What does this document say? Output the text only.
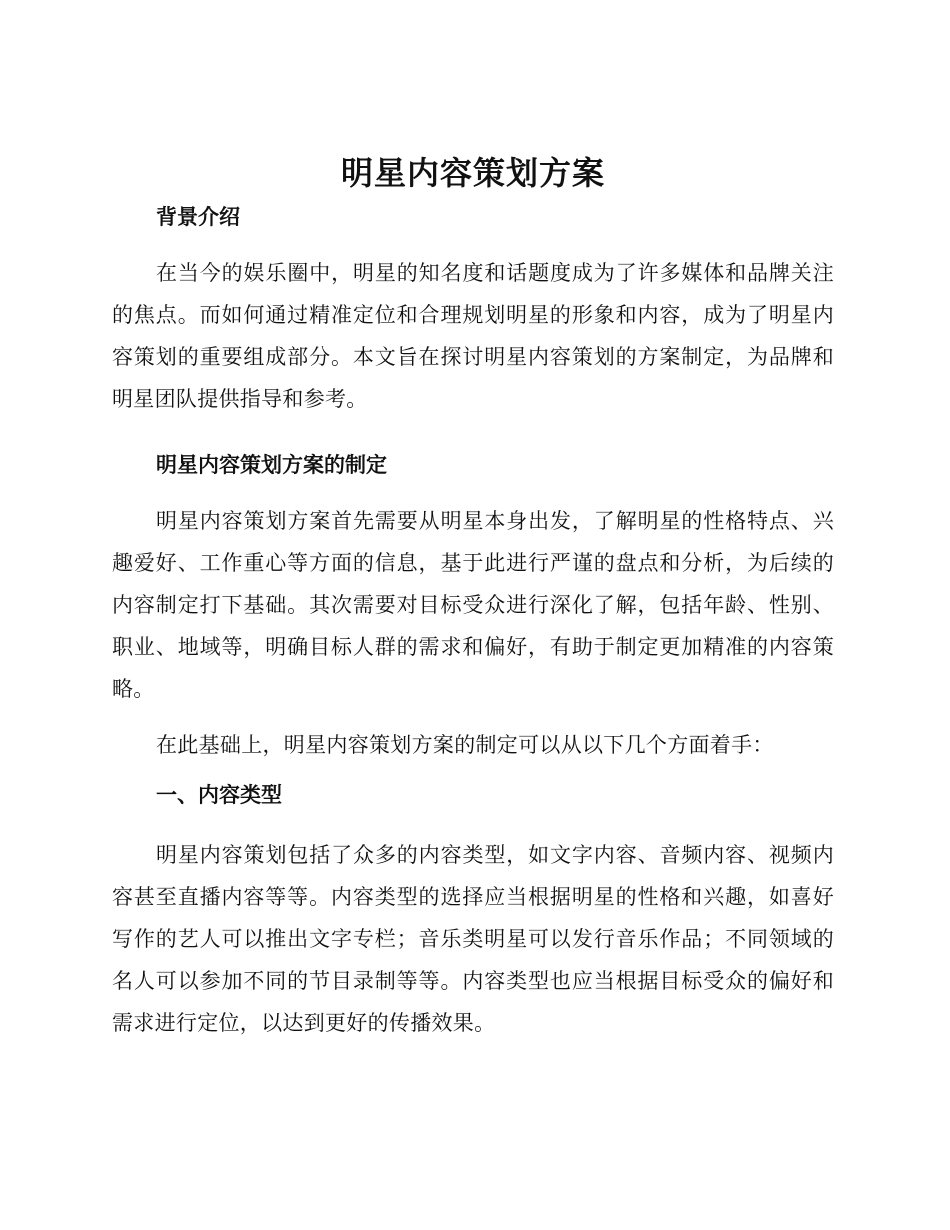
明星内容策划方案
背景介绍

在当今的娱乐圈中，明星的知名度和话题度成为了许多媒体和品牌关注的焦点。而如何通过精准定位和合理规划明星的形象和内容，成为了明星内容策划的重要组成部分。本文旨在探讨明星内容策划的方案制定，为品牌和明星团队提供指导和参考。

明星内容策划方案的制定

明星内容策划方案首先需要从明星本身出发，了解明星的性格特点、兴趣爱好、工作重心等方面的信息，基于此进行严谨的盘点和分析，为后续的内容制定打下基础。其次需要对目标受众进行深化了解，包括年龄、性别、职业、地域等，明确目标人群的需求和偏好，有助于制定更加精准的内容策略。

在此基础上，明星内容策划方案的制定可以从以下几个方面着手：

一、内容类型

明星内容策划包括了众多的内容类型，如文字内容、音频内容、视频内容甚至直播内容等等。内容类型的选择应当根据明星的性格和兴趣，如喜好写作的艺人可以推出文字专栏；音乐类明星可以发行音乐作品；不同领域的名人可以参加不同的节目录制等等。内容类型也应当根据目标受众的偏好和需求进行定位，以达到更好的传播效果。
